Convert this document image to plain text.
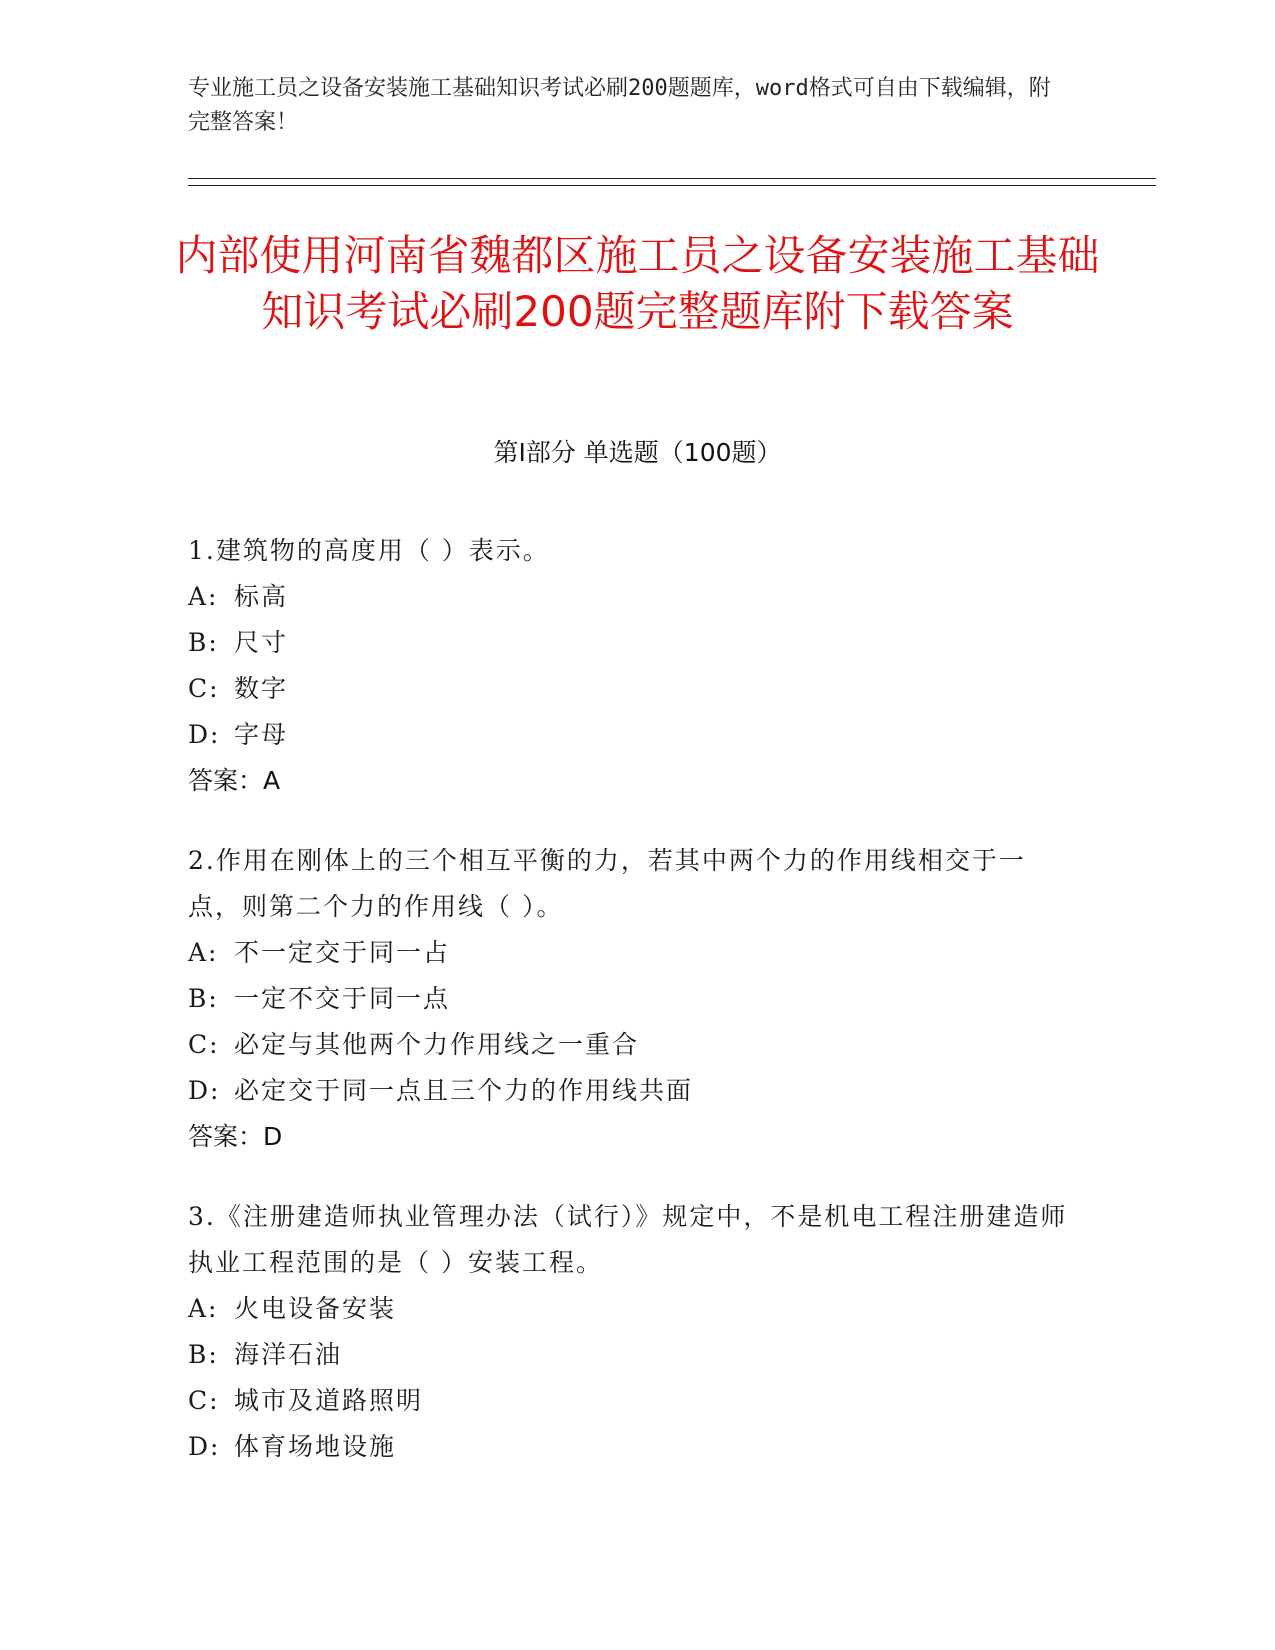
专业施工员之设备安装施工基础知识考试必刷200题题库，word格式可自由下载编辑，附完整答案！
内部使用河南省魏都区施工员之设备安装施工基础知识考试必刷200题完整题库附下载答案
第Ⅰ部分 单选题（100题）
1.建筑物的高度用（ ）表示。
A: 标高
B: 尺寸
C: 数字
D: 字母
答案：A
2.作用在刚体上的三个相互平衡的力，若其中两个力的作用线相交于一点，则第二个力的作用线（ ）。
A: 不一定交于同一占
B: 一定不交于同一点
C: 必定与其他两个力作用线之一重合
D: 必定交于同一点且三个力的作用线共面
答案：D
3.《注册建造师执业管理办法（试行）》规定中，不是机电工程注册建造师执业工程范围的是（ ）安装工程。
A: 火电设备安装
B: 海洋石油
C: 城市及道路照明
D: 体育场地设施
